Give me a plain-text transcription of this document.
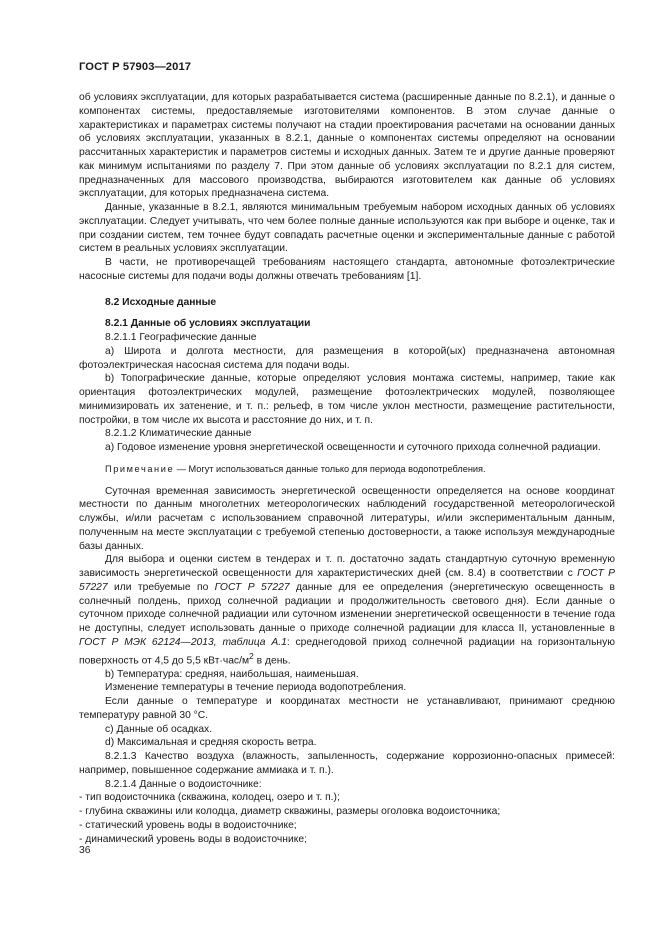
ГОСТ Р 57903—2017

об условиях эксплуатации, для которых разрабатывается система (расширенные данные по 8.2.1), и данные о компонентах системы, предоставляемые изготовителями компонентов. В этом случае данные о характеристиках и параметрах системы получают на стадии проектирования расчетами на основании данных об условиях эксплуатации, указанных в 8.2.1, данные о компонентах системы определяют на основании рассчитанных характеристик и параметров системы и исходных данных. Затем те и другие данные проверяют как минимум испытаниями по разделу 7. При этом данные об условиях эксплуатации по 8.2.1 для систем, предназначенных для массового производства, выбираются изготовителем как данные об условиях эксплуатации, для которых предназначена система.

Данные, указанные в 8.2.1, являются минимальным требуемым набором исходных данных об условиях эксплуатации. Следует учитывать, что чем более полные данные используются как при выборе и оценке, так и при создании систем, тем точнее будут совпадать расчетные оценки и экспериментальные данные с работой систем в реальных условиях эксплуатации.

В части, не противоречащей требованиям настоящего стандарта, автономные фотоэлектрические насосные системы для подачи воды должны отвечать требованиям [1].

8.2 Исходные данные

8.2.1 Данные об условиях эксплуатации

8.2.1.1 Географические данные

а) Широта и долгота местности, для размещения в которой(ых) предназначена автономная фотоэлектрическая насосная система для подачи воды.

b) Топографические данные, которые определяют условия монтажа системы, например, такие как ориентация фотоэлектрических модулей, размещение фотоэлектрических модулей, позволяющее минимизировать их затенение, и т. п.: рельеф, в том числе уклон местности, размещение растительности, постройки, в том числе их высота и расстояние до них, и т. п.

8.2.1.2 Климатические данные

а) Годовое изменение уровня энергетической освещенности и суточного прихода солнечной радиации.

Примечание — Могут использоваться данные только для периода водопотребления.

Суточная временная зависимость энергетической освещенности определяется на основе координат местности по данным многолетних метеорологических наблюдений государственной метеорологической службы, и/или расчетам с использованием справочной литературы, и/или экспериментальным данным, полученным на месте эксплуатации с требуемой степенью достоверности, а также используя международные базы данных.

Для выбора и оценки систем в тендерах и т. п. достаточно задать стандартную суточную временную зависимость энергетической освещенности для характеристических дней (см. 8.4) в соответствии с ГОСТ Р 57227 или требуемые по ГОСТ Р 57227 данные для ее определения (энергетическую освещенность в солнечный полдень, приход солнечной радиации и продолжительность светового дня). Если данные о суточном приходе солнечной радиации или суточном изменении энергетической освещенности в течение года не доступны, следует использовать данные о приходе солнечной радиации для класса II, установленные в ГОСТ Р МЭК 62124—2013, таблица А.1: среднегодовой приход солнечной радиации на горизонтальную поверхность от 4,5 до 5,5 $кВт\cdot час/м^2$ в день.

b) Температура: средняя, наибольшая, наименьшая.

Изменение температуры в течение периода водопотребления.

Если данные о температуре и координатах местности не устанавливают, принимают среднюю температуру равной 30 °С.

с) Данные об осадках.

d) Максимальная и средняя скорость ветра.

8.2.1.3 Качество воздуха (влажность, запыленность, содержание коррозионно-опасных примесей: например, повышенное содержание аммиака и т. п.).

8.2.1.4 Данные о водоисточнике:

- тип водоисточника (скважина, колодец, озеро и т. п.);

- глубина скважины или колодца, диаметр скважины, размеры оголовка водоисточника;

- статический уровень воды в водоисточнике;

- динамический уровень воды в водоисточнике;

36
